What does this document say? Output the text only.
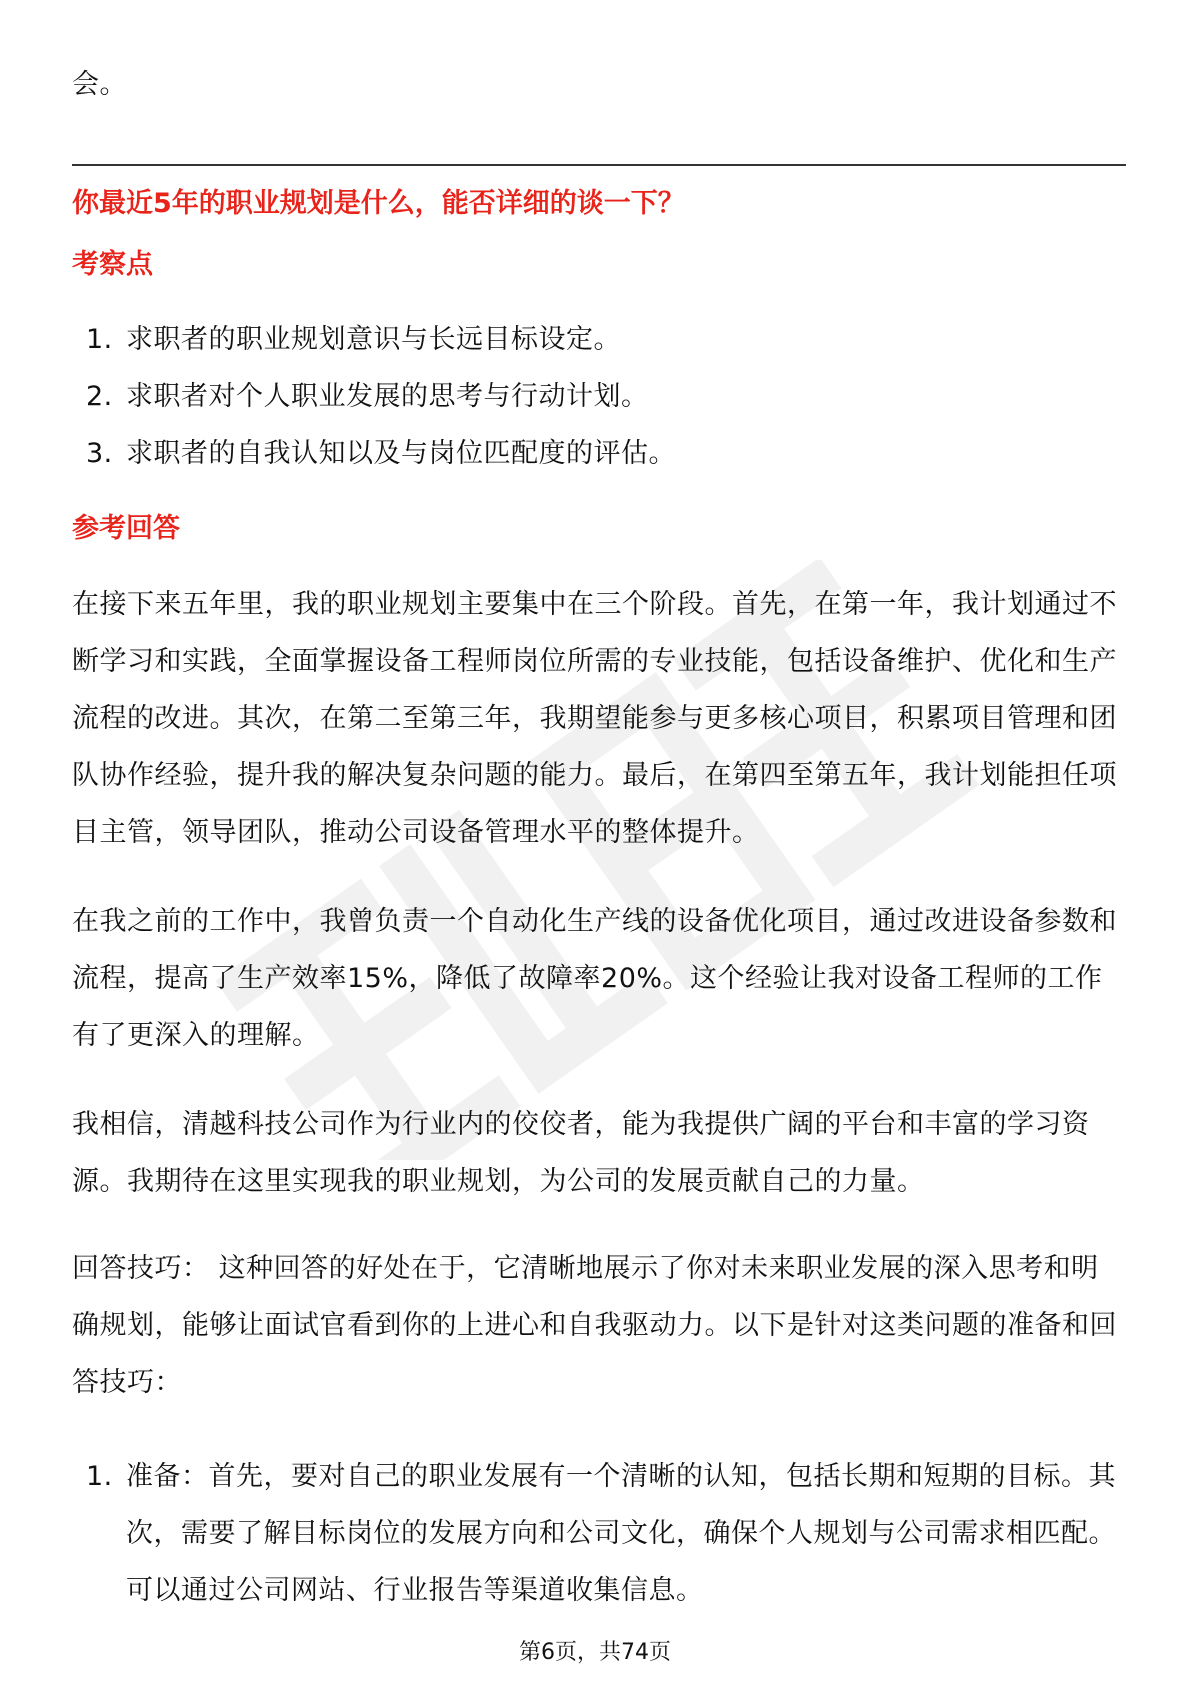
会。
你最近5年的职业规划是什么，能否详细的谈一下？
考察点
1. 求职者的职业规划意识与长远目标设定。
2. 求职者对个人职业发展的思考与行动计划。
3. 求职者的自我认知以及与岗位匹配度的评估。
参考回答
在接下来五年里，我的职业规划主要集中在三个阶段。首先，在第一年，我计划通过不断学习和实践，全面掌握设备工程师岗位所需的专业技能，包括设备维护、优化和生产流程的改进。其次，在第二至第三年，我期望能参与更多核心项目，积累项目管理和团队协作经验，提升我的解决复杂问题的能力。最后，在第四至第五年，我计划能担任项目主管，领导团队，推动公司设备管理水平的整体提升。
在我之前的工作中，我曾负责一个自动化生产线的设备优化项目，通过改进设备参数和流程，提高了生产效率15%，降低了故障率20%。这个经验让我对设备工程师的工作有了更深入的理解。
我相信，清越科技公司作为行业内的佼佼者，能为我提供广阔的平台和丰富的学习资源。我期待在这里实现我的职业规划，为公司的发展贡献自己的力量。
回答技巧： 这种回答的好处在于，它清晰地展示了你对未来职业发展的深入思考和明确规划，能够让面试官看到你的上进心和自我驱动力。以下是针对这类问题的准备和回答技巧：
1. 准备：首先，要对自己的职业发展有一个清晰的认知，包括长期和短期的目标。其次，需要了解目标岗位的发展方向和公司文化，确保个人规划与公司需求相匹配。可以通过公司网站、行业报告等渠道收集信息。
第6页，共74页
